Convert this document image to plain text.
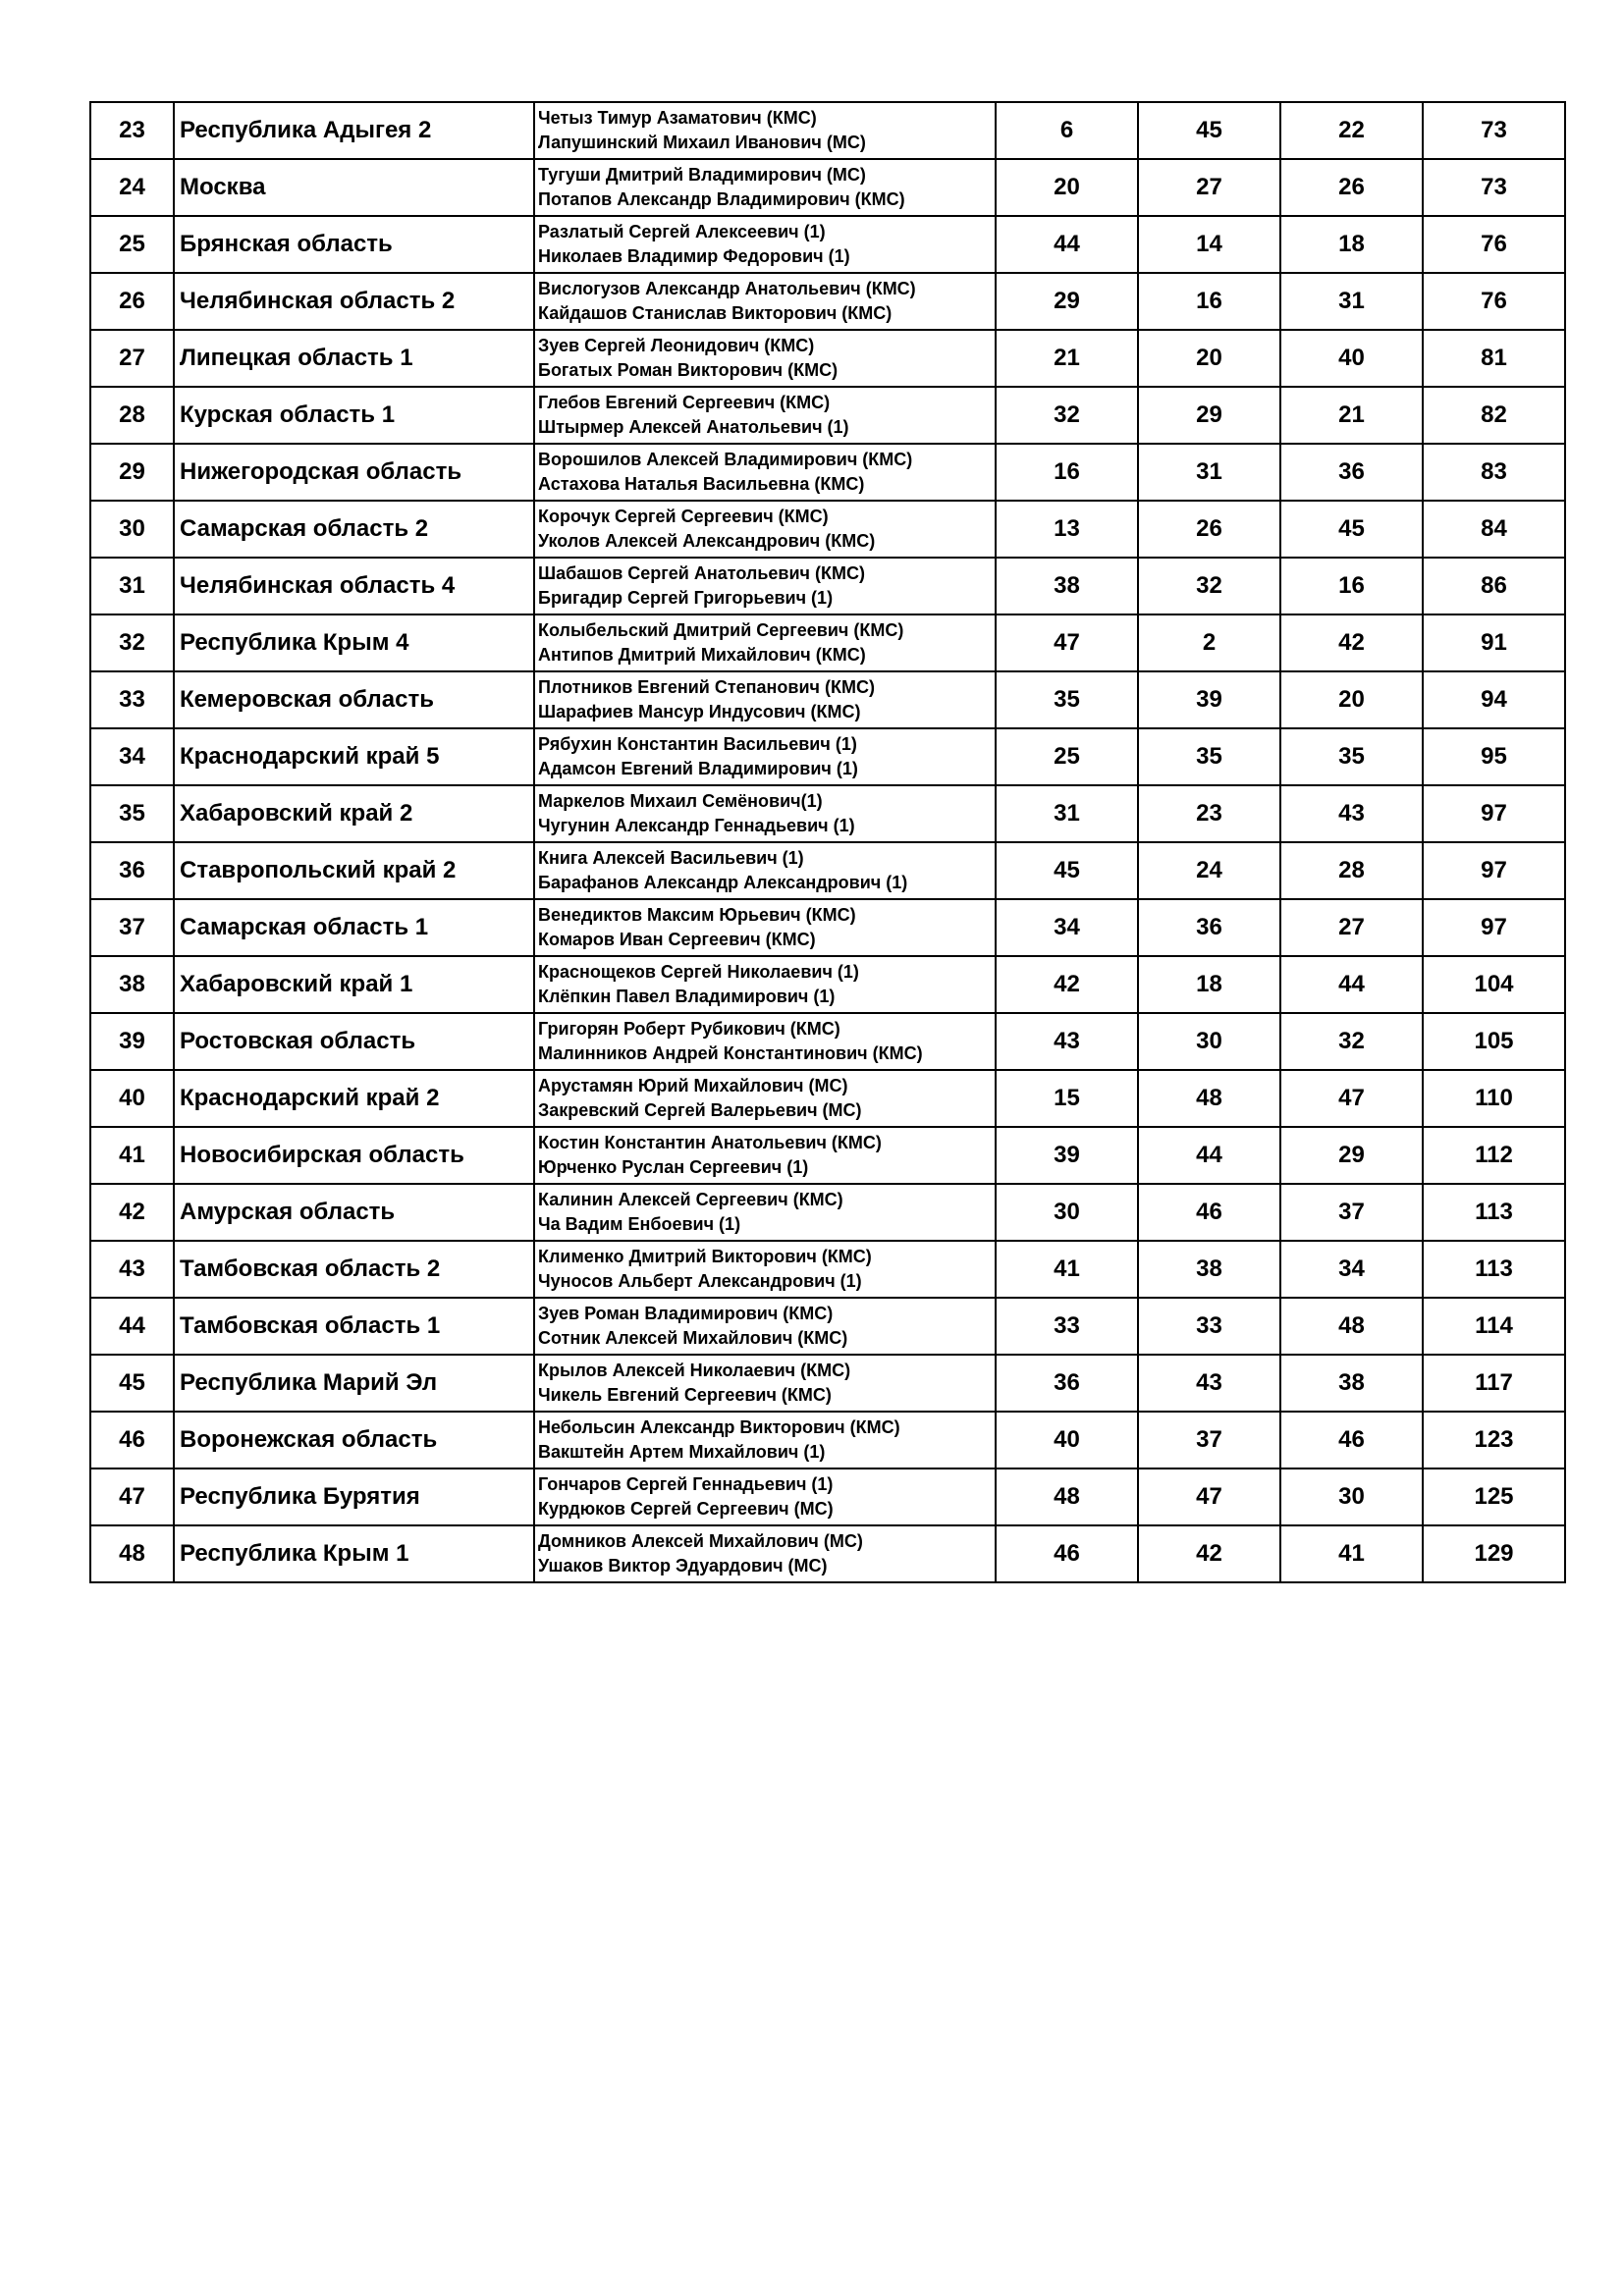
23	Республика Адыгея 2	Четыз Тимур Азаматович (КМС)
Лапушинский Михаил Иванович (МС)	6	45	22	73
24	Москва	Тугуши Дмитрий Владимирович (МС)
Потапов Александр Владимирович (КМС)	20	27	26	73
25	Брянская область	Разлатый Сергей Алексеевич (1)
Николаев Владимир Федорович (1)	44	14	18	76
26	Челябинская область 2	Вислогузов Александр Анатольевич (КМС)
Кайдашов Станислав Викторович (КМС)	29	16	31	76
27	Липецкая область 1	Зуев Сергей Леонидович (КМС)
Богатых Роман Викторович (КМС)	21	20	40	81
28	Курская область 1	Глебов Евгений Сергеевич (КМС)
Штырмер Алексей Анатольевич (1)	32	29	21	82
29	Нижегородская область	Ворошилов Алексей Владимирович (КМС)
Астахова Наталья Васильевна (КМС)	16	31	36	83
30	Самарская область 2	Корочук Сергей Сергеевич (КМС)
Уколов Алексей Александрович (КМС)	13	26	45	84
31	Челябинская область 4	Шабашов Сергей Анатольевич (КМС)
Бригадир Сергей Григорьевич (1)	38	32	16	86
32	Республика Крым 4	Колыбельский Дмитрий Сергеевич (КМС)
Антипов Дмитрий Михайлович (КМС)	47	2	42	91
33	Кемеровская область	Плотников Евгений Степанович (КМС)
Шарафиев Мансур Индусович (КМС)	35	39	20	94
34	Краснодарский край 5	Рябухин Константин Васильевич (1)
Адамсон Евгений Владимирович (1)	25	35	35	95
35	Хабаровский край 2	Маркелов Михаил Семёнович(1)
Чугунин Александр Геннадьевич (1)	31	23	43	97
36	Ставропольский край 2	Книга Алексей Васильевич (1)
Барафанов Александр Александрович (1)	45	24	28	97
37	Самарская область 1	Венедиктов Максим Юрьевич (КМС)
Комаров Иван Сергеевич (КМС)	34	36	27	97
38	Хабаровский край 1	Краснощеков Сергей Николаевич (1)
Клёпкин Павел Владимирович (1)	42	18	44	104
39	Ростовская область	Григорян Роберт Рубикович (КМС)
Малинников Андрей Константинович (КМС)	43	30	32	105
40	Краснодарский край 2	Арустамян Юрий Михайлович (МС)
Закревский Сергей Валерьевич (МС)	15	48	47	110
41	Новосибирская область	Костин Константин Анатольевич (КМС)
Юрченко Руслан Сергеевич (1)	39	44	29	112
42	Амурская область	Калинин Алексей Сергеевич (КМС)
Ча Вадим Енбоевич (1)	30	46	37	113
43	Тамбовская область 2	Клименко Дмитрий Викторович (КМС)
Чуносов Альберт Александрович (1)	41	38	34	113
44	Тамбовская область 1	Зуев Роман Владимирович (КМС)
Сотник Алексей Михайлович (КМС)	33	33	48	114
45	Республика Марий Эл	Крылов Алексей Николаевич (КМС)
Чикель Евгений Сергеевич (КМС)	36	43	38	117
46	Воронежская область	Небольсин Александр Викторович (КМС)
Вакштейн Артем Михайлович (1)	40	37	46	123
47	Республика Бурятия	Гончаров Сергей Геннадьевич (1)
Курдюков Сергей Сергеевич (МС)	48	47	30	125
48	Республика Крым 1	Домников Алексей Михайлович (МС)
Ушаков Виктор Эдуардович (МС)	46	42	41	129
